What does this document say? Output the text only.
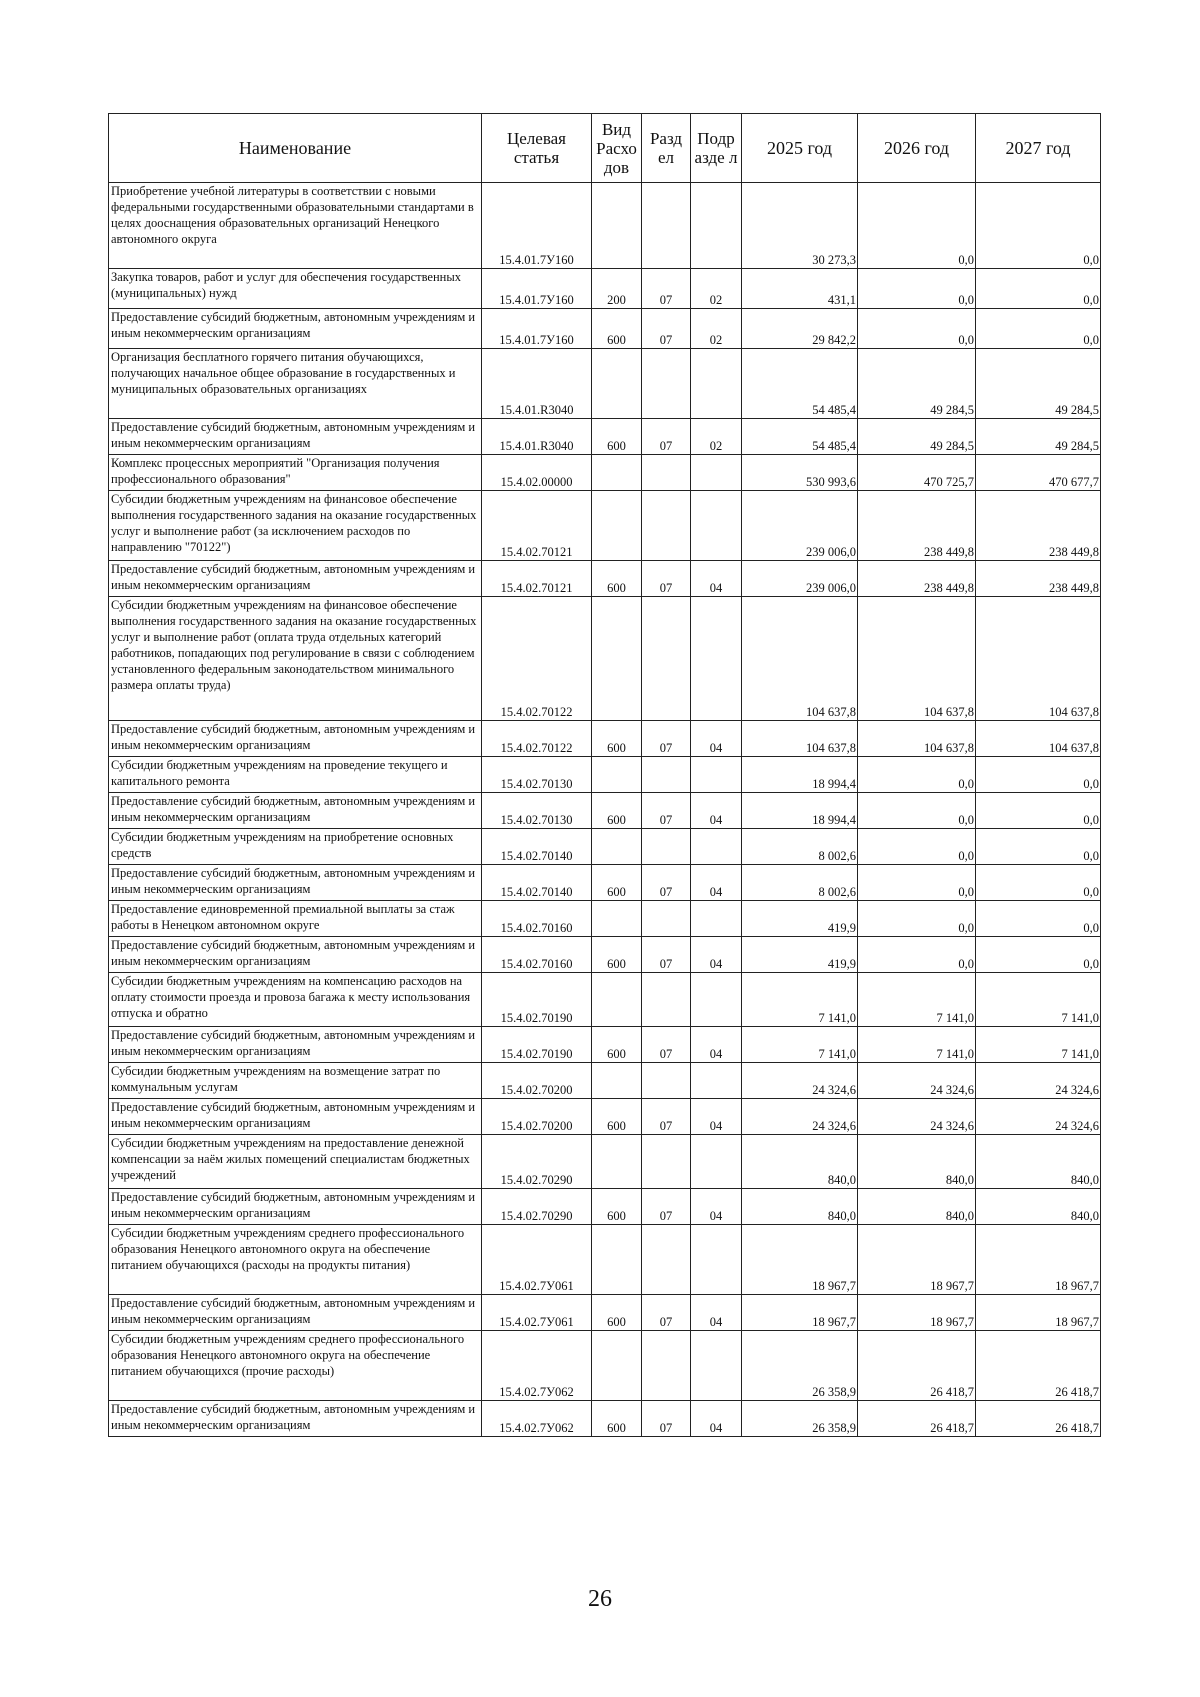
Наименование	Целевая статья	Вид Расхо дов	Разд ел	Подр азде л	2025 год	2026 год	2027 год
Приобретение учебной литературы в соответствии с новыми федеральными государственными образовательными стандартами в целях дооснащения образовательных организаций Ненецкого автономного округа	15.4.01.7У160				30 273,3	0,0	0,0
Закупка товаров, работ и услуг для обеспечения государственных (муниципальных) нужд	15.4.01.7У160	200	07	02	431,1	0,0	0,0
Предоставление субсидий бюджетным, автономным учреждениям и иным некоммерческим организациям	15.4.01.7У160	600	07	02	29 842,2	0,0	0,0
Организация бесплатного горячего питания обучающихся, получающих начальное общее образование в государственных и муниципальных образовательных организациях	15.4.01.R3040				54 485,4	49 284,5	49 284,5
Предоставление субсидий бюджетным, автономным учреждениям и иным некоммерческим организациям	15.4.01.R3040	600	07	02	54 485,4	49 284,5	49 284,5
Комплекс процессных мероприятий "Организация получения профессионального образования"	15.4.02.00000				530 993,6	470 725,7	470 677,7
Субсидии бюджетным учреждениям на финансовое обеспечение выполнения государственного задания на оказание государственных услуг и выполнение работ (за исключением расходов по направлению "70122")	15.4.02.70121				239 006,0	238 449,8	238 449,8
Предоставление субсидий бюджетным, автономным учреждениям и иным некоммерческим организациям	15.4.02.70121	600	07	04	239 006,0	238 449,8	238 449,8
Субсидии бюджетным учреждениям на финансовое обеспечение выполнения государственного задания на оказание государственных услуг и выполнение работ (оплата труда отдельных категорий работников, попадающих под регулирование в связи с соблюдением установленного федеральным законодательством минимального размера оплаты труда)	15.4.02.70122				104 637,8	104 637,8	104 637,8
Предоставление субсидий бюджетным, автономным учреждениям и иным некоммерческим организациям	15.4.02.70122	600	07	04	104 637,8	104 637,8	104 637,8
Субсидии бюджетным учреждениям на проведение текущего и капитального ремонта	15.4.02.70130				18 994,4	0,0	0,0
Предоставление субсидий бюджетным, автономным учреждениям и иным некоммерческим организациям	15.4.02.70130	600	07	04	18 994,4	0,0	0,0
Субсидии бюджетным учреждениям на приобретение основных средств	15.4.02.70140				8 002,6	0,0	0,0
Предоставление субсидий бюджетным, автономным учреждениям и иным некоммерческим организациям	15.4.02.70140	600	07	04	8 002,6	0,0	0,0
Предоставление единовременной премиальной выплаты за стаж работы в Ненецком автономном округе	15.4.02.70160				419,9	0,0	0,0
Предоставление субсидий бюджетным, автономным учреждениям и иным некоммерческим организациям	15.4.02.70160	600	07	04	419,9	0,0	0,0
Субсидии бюджетным учреждениям на компенсацию расходов на оплату стоимости проезда и провоза багажа к месту использования отпуска и обратно	15.4.02.70190				7 141,0	7 141,0	7 141,0
Предоставление субсидий бюджетным, автономным учреждениям и иным некоммерческим организациям	15.4.02.70190	600	07	04	7 141,0	7 141,0	7 141,0
Субсидии бюджетным учреждениям на возмещение затрат по коммунальным услугам	15.4.02.70200				24 324,6	24 324,6	24 324,6
Предоставление субсидий бюджетным, автономным учреждениям и иным некоммерческим организациям	15.4.02.70200	600	07	04	24 324,6	24 324,6	24 324,6
Субсидии бюджетным учреждениям на предоставление денежной компенсации за наём жилых помещений специалистам бюджетных учреждений	15.4.02.70290				840,0	840,0	840,0
Предоставление субсидий бюджетным, автономным учреждениям и иным некоммерческим организациям	15.4.02.70290	600	07	04	840,0	840,0	840,0
Субсидии бюджетным учреждениям среднего профессионального образования Ненецкого автономного округа на обеспечение питанием обучающихся (расходы на продукты питания)	15.4.02.7У061				18 967,7	18 967,7	18 967,7
Предоставление субсидий бюджетным, автономным учреждениям и иным некоммерческим организациям	15.4.02.7У061	600	07	04	18 967,7	18 967,7	18 967,7
Субсидии бюджетным учреждениям среднего профессионального образования Ненецкого автономного округа на обеспечение питанием обучающихся (прочие расходы)	15.4.02.7У062				26 358,9	26 418,7	26 418,7
Предоставление субсидий бюджетным, автономным учреждениям и иным некоммерческим организациям	15.4.02.7У062	600	07	04	26 358,9	26 418,7	26 418,7
26
